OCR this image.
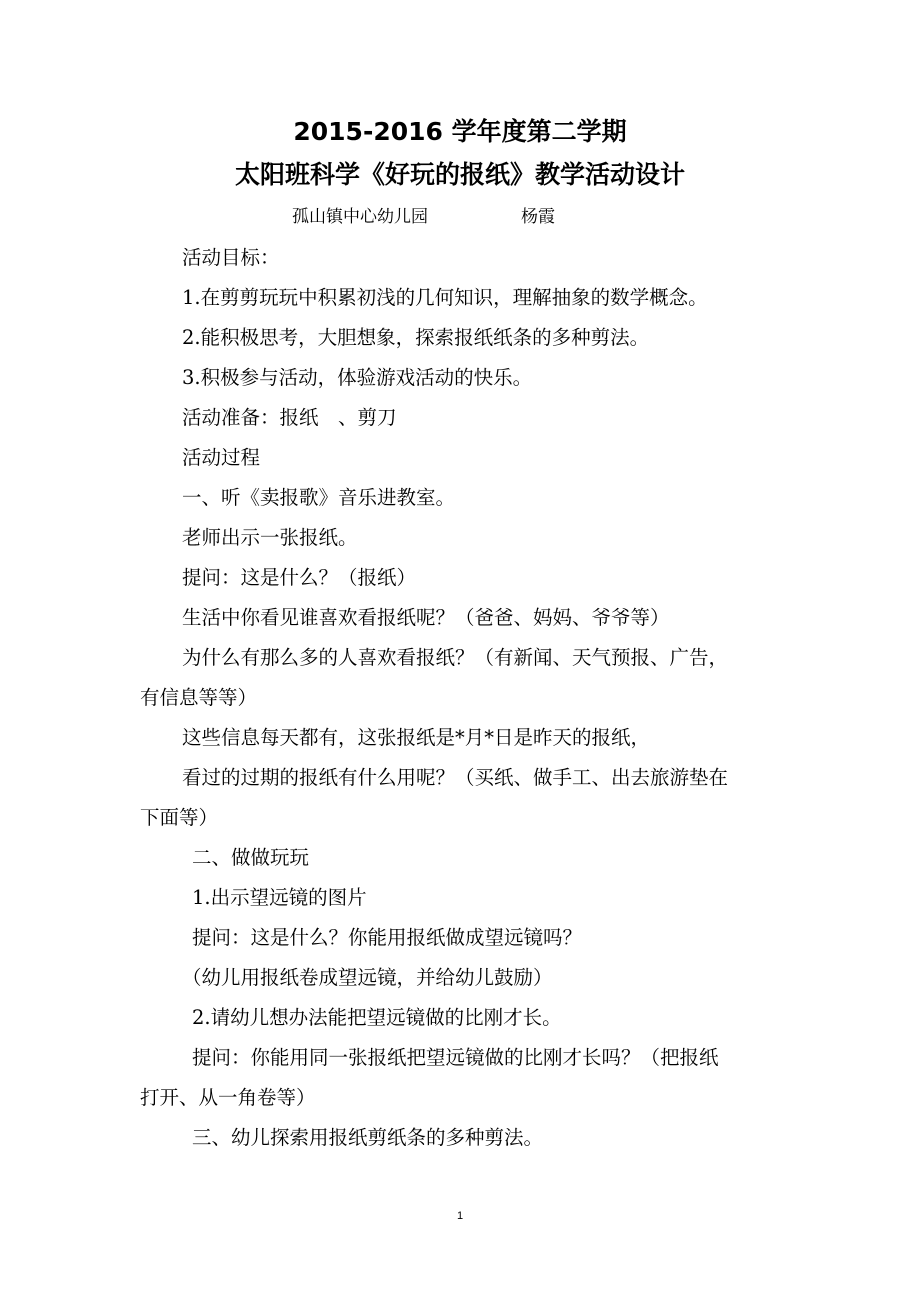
2015-2016 学年度第二学期
太阳班科学《好玩的报纸》教学活动设计
孤山镇中心幼儿园	杨霞
活动目标：
1.在剪剪玩玩中积累初浅的几何知识，理解抽象的数学概念。
2.能积极思考，大胆想象，探索报纸纸条的多种剪法。
3.积极参与活动，体验游戏活动的快乐。
活动准备：报纸　、剪刀
活动过程
一、听《卖报歌》音乐进教室。
老师出示一张报纸。
提问：这是什么？（报纸）
生活中你看见谁喜欢看报纸呢？（爸爸、妈妈、爷爷等）
为什么有那么多的人喜欢看报纸？（有新闻、天气预报、广告，
有信息等等）
这些信息每天都有，这张报纸是*月*日是昨天的报纸，
看过的过期的报纸有什么用呢？（买纸、做手工、出去旅游垫在
下面等）
二、做做玩玩
1.出示望远镜的图片
提问：这是什么？你能用报纸做成望远镜吗？
（幼儿用报纸卷成望远镜，并给幼儿鼓励）
2.请幼儿想办法能把望远镜做的比刚才长。
提问：你能用同一张报纸把望远镜做的比刚才长吗？（把报纸
打开、从一角卷等）
三、幼儿探索用报纸剪纸条的多种剪法。
1
